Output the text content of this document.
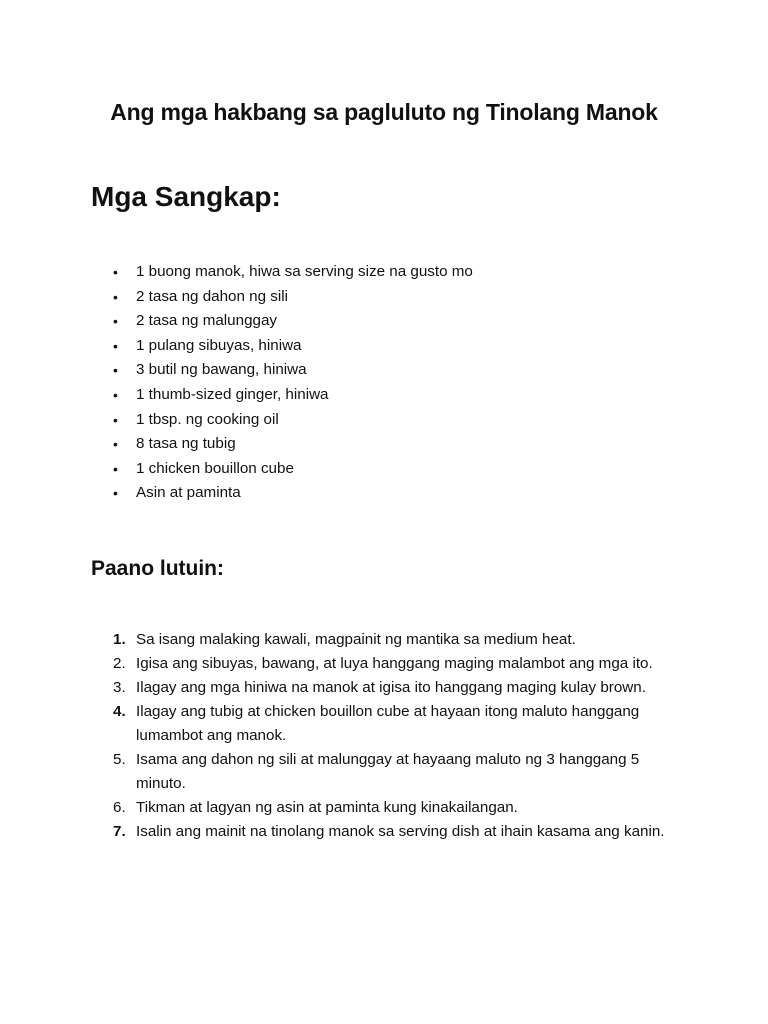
Ang mga hakbang sa pagluluto ng Tinolang Manok
Mga Sangkap:
• 1 buong manok, hiwa sa serving size na gusto mo
• 2 tasa ng dahon ng sili
• 2 tasa ng malunggay
• 1 pulang sibuyas, hiniwa
• 3 butil ng bawang, hiniwa
• 1 thumb-sized ginger, hiniwa
• 1 tbsp. ng cooking oil
• 8 tasa ng tubig
• 1 chicken bouillon cube
• Asin at paminta
Paano lutuin:
1. Sa isang malaking kawali, magpainit ng mantika sa medium heat.
2. Igisa ang sibuyas, bawang, at luya hanggang maging malambot ang mga ito.
3. Ilagay ang mga hiniwa na manok at igisa ito hanggang maging kulay brown.
4. Ilagay ang tubig at chicken bouillon cube at hayaan itong maluto hanggang lumambot ang manok.
5. Isama ang dahon ng sili at malunggay at hayaang maluto ng 3 hanggang 5 minuto.
6. Tikman at lagyan ng asin at paminta kung kinakailangan.
7. Isalin ang mainit na tinolang manok sa serving dish at ihain kasama ang kanin.
